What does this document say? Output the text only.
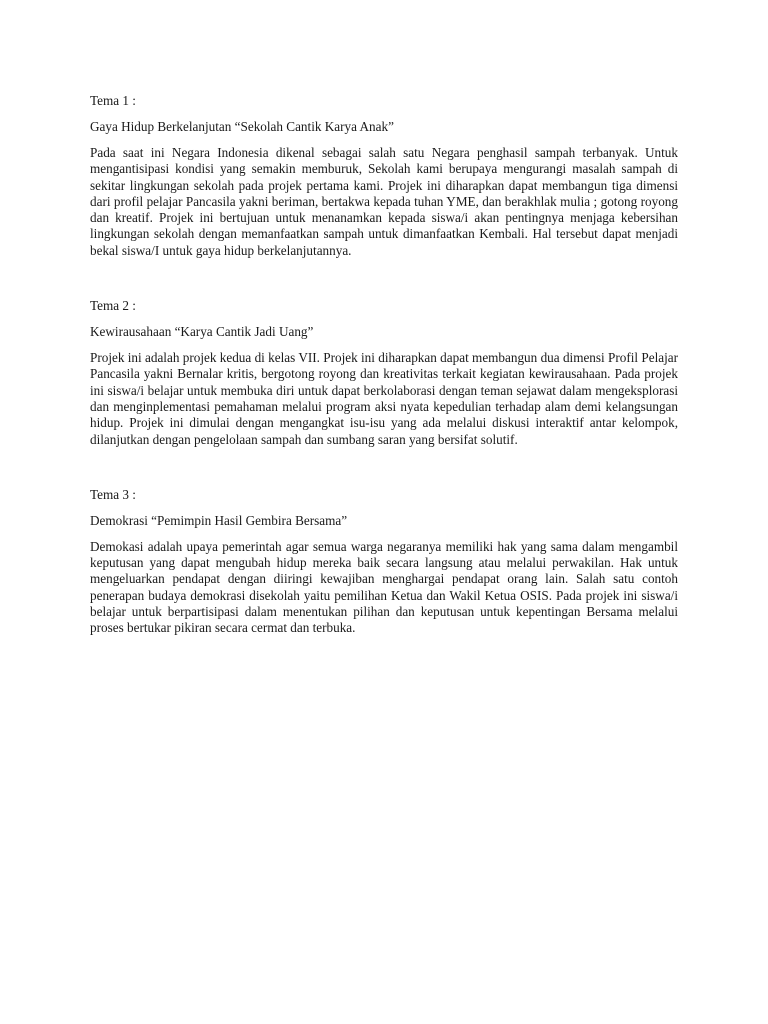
Tema 1 :

Gaya Hidup Berkelanjutan “Sekolah Cantik Karya Anak”

Pada saat ini Negara Indonesia dikenal sebagai salah satu Negara penghasil sampah terbanyak. Untuk mengantisipasi kondisi yang semakin memburuk, Sekolah kami berupaya mengurangi masalah sampah di sekitar lingkungan sekolah pada projek pertama kami. Projek ini diharapkan dapat membangun tiga dimensi dari profil pelajar Pancasila yakni beriman, bertakwa kepada tuhan YME, dan berakhlak mulia ; gotong royong dan kreatif. Projek ini bertujuan untuk menanamkan kepada siswa/i akan pentingnya menjaga kebersihan lingkungan sekolah dengan memanfaatkan sampah untuk dimanfaatkan Kembali. Hal tersebut dapat menjadi bekal siswa/I untuk gaya hidup berkelanjutannya.

Tema 2 :

Kewirausahaan “Karya Cantik Jadi Uang”

Projek ini adalah projek kedua di kelas VII. Projek ini diharapkan dapat membangun dua dimensi Profil Pelajar Pancasila yakni Bernalar kritis, bergotong royong dan kreativitas terkait kegiatan kewirausahaan. Pada projek ini siswa/i belajar untuk membuka diri untuk dapat berkolaborasi dengan teman sejawat dalam mengeksplorasi dan menginplementasi pemahaman melalui program aksi nyata kepedulian terhadap alam demi kelangsungan hidup. Projek ini dimulai dengan mengangkat isu-isu yang ada melalui diskusi interaktif antar kelompok, dilanjutkan dengan pengelolaan sampah dan sumbang saran yang bersifat solutif.

Tema 3 :

Demokrasi “Pemimpin Hasil Gembira Bersama”

Demokasi adalah upaya pemerintah agar semua warga negaranya memiliki hak yang sama dalam mengambil keputusan yang dapat mengubah hidup mereka baik secara langsung atau melalui perwakilan. Hak untuk mengeluarkan pendapat dengan diiringi kewajiban menghargai pendapat orang lain. Salah satu contoh penerapan budaya demokrasi disekolah yaitu pemilihan Ketua dan Wakil Ketua OSIS. Pada projek ini siswa/i belajar untuk berpartisipasi dalam menentukan pilihan dan keputusan untuk kepentingan Bersama melalui proses bertukar pikiran secara cermat dan terbuka.
